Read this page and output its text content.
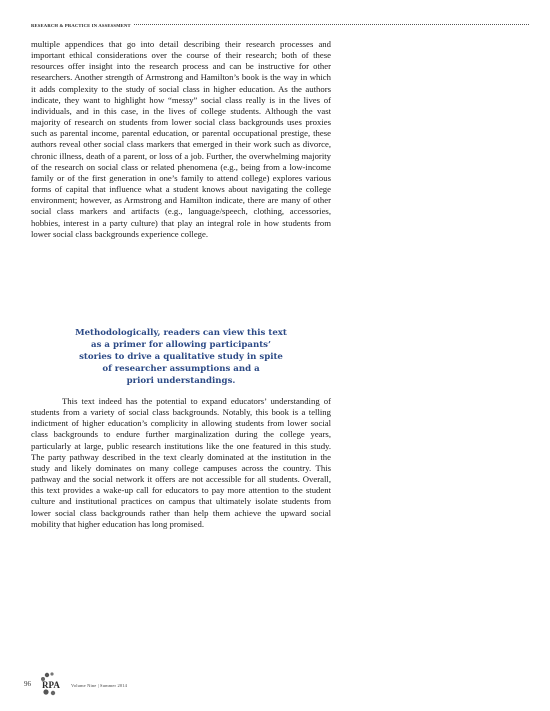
RESEARCH & PRACTICE IN ASSESSMENT

multiple appendices that go into detail describing their research processes and important ethical considerations over the course of their research; both of these resources offer insight into the research process and can be instructive for other researchers. Another strength of Armstrong and Hamilton’s book is the way in which it adds complexity to the study of social class in higher education. As the authors indicate, they want to highlight how “messy” social class really is in the lives of individuals, and in this case, in the lives of college students. Although the vast majority of research on students from lower social class backgrounds uses proxies such as parental income, parental education, or parental occupational prestige, these authors reveal other social class markers that emerged in their work such as divorce, chronic illness, death of a parent, or loss of a job. Further, the overwhelming majority of the research on social class or related phenomena (e.g., being from a low-income family or of the first generation in one’s family to attend college) explores various forms of capital that influence what a student knows about navigating the college environment; however, as Armstrong and Hamilton indicate, there are many of other social class markers and artifacts (e.g., language/speech, clothing, accessories, hobbies, interest in a party culture) that play an integral role in how students from lower social class backgrounds experience college.

Methodologically, readers can view this text
as a primer for allowing participants’
stories to drive a qualitative study in spite
of researcher assumptions and a
priori understandings.

This text indeed has the potential to expand educators’ understanding of students from a variety of social class backgrounds. Notably, this book is a telling indictment of higher education’s complicity in allowing students from lower social class backgrounds to endure further marginalization during the college years, particularly at large, public research institutions like the one featured in this study. The party pathway described in the text clearly dominated at the institution in the study and likely dominates on many college campuses across the country. This pathway and the social network it offers are not accessible for all students. Overall, this text provides a wake-up call for educators to pay more attention to the student culture and institutional practices on campus that ultimately isolate students from lower social class backgrounds rather than help them achieve the upward social mobility that higher education has long promised.

96 RPA Volume Nine | Summer 2014
